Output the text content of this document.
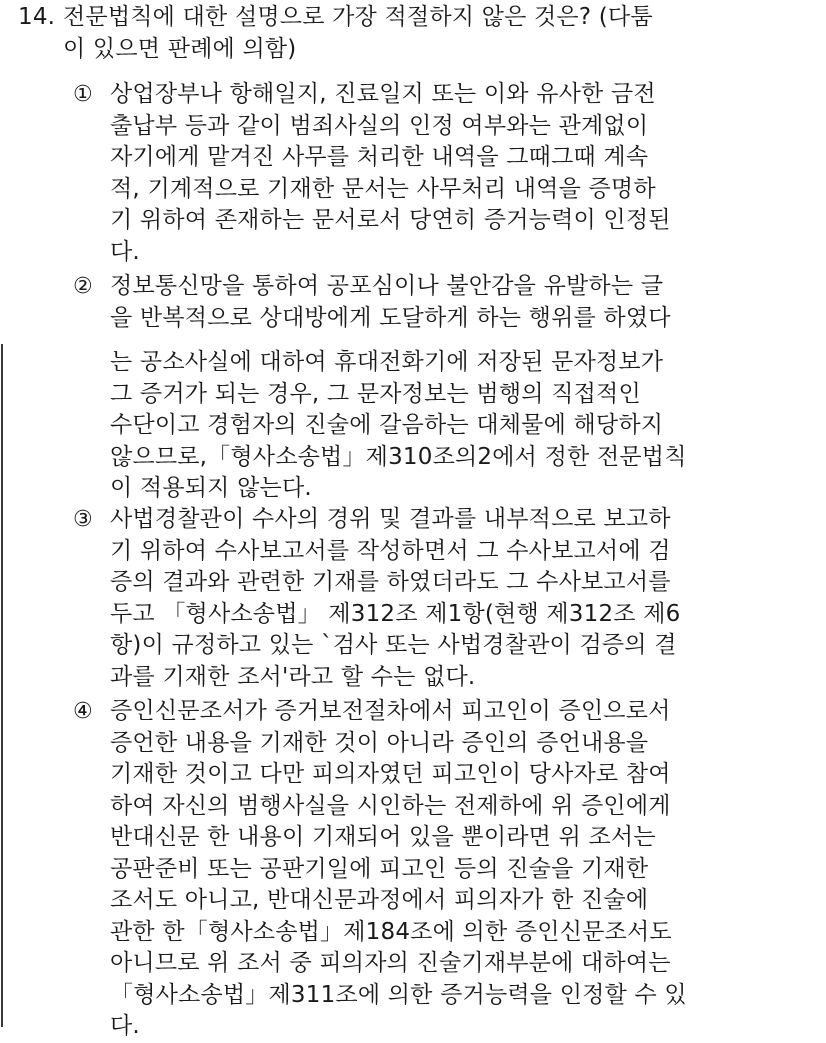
14. 전문법칙에 대한 설명으로 가장 적절하지 않은 것은? (다툼
이 있으면 판례에 의함)
① 상업장부나 항해일지, 진료일지 또는 이와 유사한 금전
출납부 등과 같이 범죄사실의 인정 여부와는 관계없이
자기에게 맡겨진 사무를 처리한 내역을 그때그때 계속
적, 기계적으로 기재한 문서는 사무처리 내역을 증명하
기 위하여 존재하는 문서로서 당연히 증거능력이 인정된
다.
② 정보통신망을 통하여 공포심이나 불안감을 유발하는 글
을 반복적으로 상대방에게 도달하게 하는 행위를 하였다
는 공소사실에 대하여 휴대전화기에 저장된 문자정보가
그 증거가 되는 경우, 그 문자정보는 범행의 직접적인
수단이고 경험자의 진술에 갈음하는 대체물에 해당하지
않으므로,「형사소송법」제310조의2에서 정한 전문법칙
이 적용되지 않는다.
③ 사법경찰관이 수사의 경위 및 결과를 내부적으로 보고하
기 위하여 수사보고서를 작성하면서 그 수사보고서에 검
증의 결과와 관련한 기재를 하였더라도 그 수사보고서를
두고 「형사소송법」 제312조 제1항(현행 제312조 제6
항)이 규정하고 있는 `검사 또는 사법경찰관이 검증의 결
과를 기재한 조서'라고 할 수는 없다.
④ 증인신문조서가 증거보전절차에서 피고인이 증인으로서
증언한 내용을 기재한 것이 아니라 증인의 증언내용을
기재한 것이고 다만 피의자였던 피고인이 당사자로 참여
하여 자신의 범행사실을 시인하는 전제하에 위 증인에게
반대신문 한 내용이 기재되어 있을 뿐이라면 위 조서는
공판준비 또는 공판기일에 피고인 등의 진술을 기재한
조서도 아니고, 반대신문과정에서 피의자가 한 진술에
관한 한「형사소송법」제184조에 의한 증인신문조서도
아니므로 위 조서 중 피의자의 진술기재부분에 대하여는
「형사소송법」제311조에 의한 증거능력을 인정할 수 있
다.
